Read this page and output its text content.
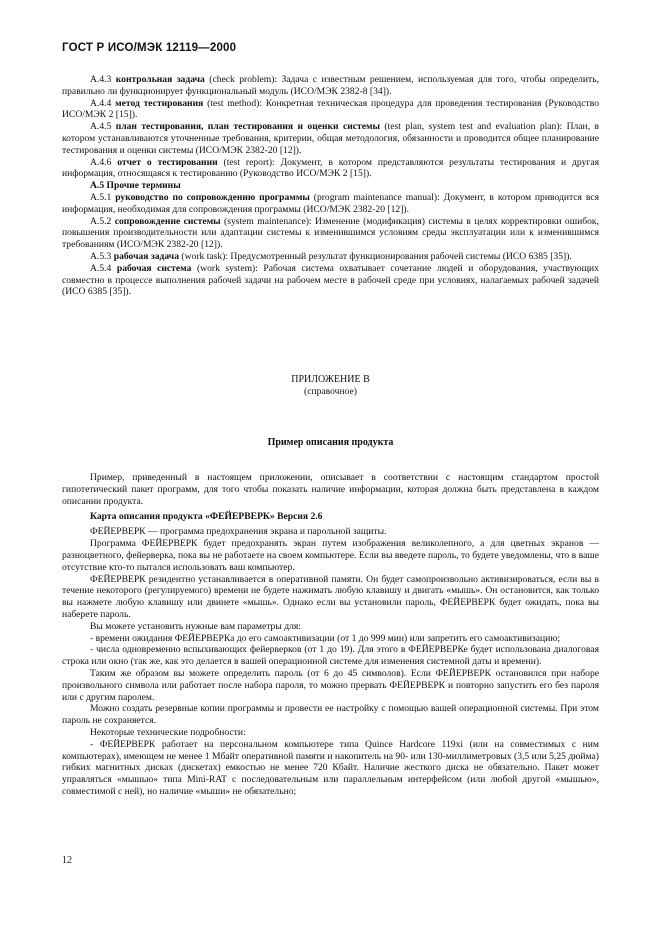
ГОСТ Р ИСО/МЭК 12119—2000

А.4.3 контрольная задача (check problem): Задача с известным решением, используемая для того, чтобы определить, правильно ли функционирует функциональный модуль (ИСО/МЭК 2382-8 [34]).

А.4.4 метод тестирования (test method): Конкретная техническая процедура для проведения тестирования (Руководство ИСО/МЭК 2 [15]).

А.4.5 план тестирования, план тестирования и оценки системы (test plan, system test and evaluation plan): План, в котором устанавливаются уточненные требования, критерии, общая методология, обязанности и проводится общее планирование тестирования и оценки системы (ИСО/МЭК 2382-20 [12]).

А.4.6 отчет о тестировании (test report): Документ, в котором представляются результаты тестирования и другая информация, относящаяся к тестированию (Руководство ИСО/МЭК 2 [15]).

А.5 Прочие термины

А.5.1 руководство по сопровождению программы (program maintenance manual): Документ, в котором приводится вся информация, необходимая для сопровождения программы (ИСО/МЭК 2382-20 [12]).

А.5.2 сопровождение системы (system maintenance): Изменение (модификация) системы в целях корректировки ошибок, повышения производительности или адаптации системы к изменившимся условиям среды эксплуатации или к изменившимся требованиям (ИСО/МЭК 2382-20 [12]).

А.5.3 рабочая задача (work task): Предусмотренный результат функционирования рабочей системы (ИСО 6385 [35]).

А.5.4 рабочая система (work system): Рабочая система охватывает сочетание людей и оборудования, участвующих совместно в процессе выполнения рабочей задачи на рабочем месте в рабочей среде при условиях, налагаемых рабочей задачей (ИСО 6385 [35]).

ПРИЛОЖЕНИЕ В

(справочное)

Пример описания продукта

Пример, приведенный в настоящем приложении, описывает в соответствии с настоящим стандартом простой гипотетический пакет программ, для того чтобы показать наличие информации, которая должна быть представлена в каждом описании продукта.

Карта описания продукта «ФЕЙЕРВЕРК» Версия 2.6

ФЕЙЕРВЕРК — программа предохранения экрана и парольной защиты.

Программа ФЕЙЕРВЕРК будет предохранять экран путем изображения великолепного, а для цветных экранов — разноцветного, фейерверка, пока вы не работаете на своем компьютере. Если вы введете пароль, то будете уведомлены, что в ваше отсутствие кто-то пытался использовать ваш компьютер.

ФЕЙЕРВЕРК резидентно устанавливается в оперативной памяти. Он будет самопроизвольно активизироваться, если вы в течение некоторого (регулируемого) времени не будете нажимать любую клавишу и двигать «мышь». Он остановится, как только вы нажмете любую клавишу или двинете «мышь». Однако если вы установили пароль, ФЕЙЕРВЕРК будет ожидать, пока вы наберете пароль.

Вы можете установить нужные вам параметры для:

- времени ожидания ФЕЙЕРВЕРКа до его самоактивизации (от 1 до 999 мин) или запретить его самоактивизацию;

- числа одновременно вспыхивающих фейерверков (от 1 до 19). Для этого в ФЕЙЕРВЕРКе будет использована диалоговая строка или окно (так же, как это делается в вашей операционной системе для изменения системной даты и времени).

Таким же образом вы можете определить пароль (от 6 до 45 символов). Если ФЕЙЕРВЕРК остановился при наборе произвольного символа или работает после набора пароля, то можно прервать ФЕЙЕРВЕРК и повторно запустить его без пароля или с другим паролем.

Можно создать резервные копии программы и провести ее настройку с помощью вашей операционной системы. При этом пароль не сохраняется.

Некоторые технические подробности:

- ФЕЙЕРВЕРК работает на персональном компьютере типа Quince Hardcore 119xi (или на совместимых с ним компьютерах), имеющем не менее 1 Мбайт оперативной памяти и накопитель на 90- или 130-миллиметровых (3,5 или 5,25 дюйма) гибких магнитных дисках (дискетах) емкостью не менее 720 Кбайт. Наличие жесткого диска не обязательно. Пакет может управляться «мышью» типа Mini-RAT с последовательным или параллельным интерфейсом (или любой другой «мышью», совместимой с ней), но наличие «мыши» не обязательно;

12
